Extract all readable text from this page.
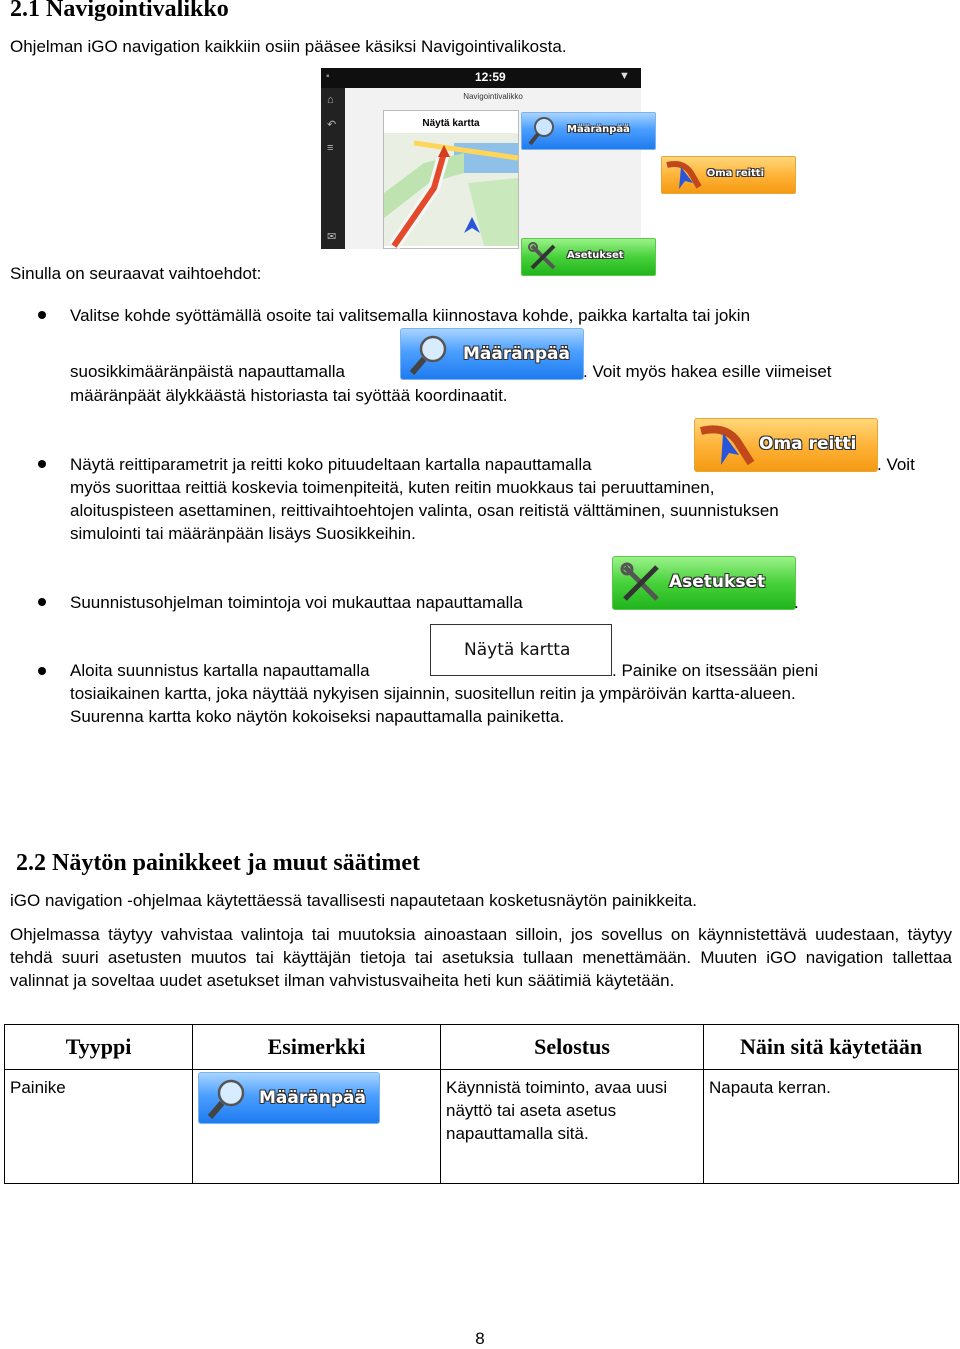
2.1 Navigointivalikko
Ohjelman iGO navigation kaikkiin osiin pääsee käsiksi Navigointivalikosta.
▪	12:59	▼
⌂
↶
≡
✉
Navigointivalikko
Näytä kartta
Määränpää

Oma reitti

Asetukset
Sinulla on seuraavat vaihtoehdot:
Valitse kohde syöttämällä osoite tai valitsemalla kiinnostava kohde, paikka kartalta tai jokin
suosikkimääränpäistä napauttamalla
Määränpää
. Voit myös hakea esille viimeiset
määränpäät älykkäästä historiasta tai syöttää koordinaatit.
Näytä reittiparametrit ja reitti koko pituudeltaan kartalla napauttamalla
Oma reitti
. Voit
myös suorittaa reittiä koskevia toimenpiteitä, kuten reitin muokkaus tai peruuttaminen,
aloituspisteen asettaminen, reittivaihtoehtojen valinta, osan reitistä välttäminen, suunnistuksen
simulointi tai määränpään lisäys Suosikkeihin.
Suunnistusohjelman toimintoja voi mukauttaa napauttamalla
Asetukset
.
Aloita suunnistus kartalla napauttamalla
Näytä kartta
. Painike on itsessään pieni
tosiaikainen kartta, joka näyttää nykyisen sijainnin, suositellun reitin ja ympäröivän kartta-alueen.
Suurenna kartta koko näytön kokoiseksi napauttamalla painiketta.
2.2 Näytön painikkeet ja muut säätimet
iGO navigation -ohjelmaa käytettäessä tavallisesti napautetaan kosketusnäytön painikkeita.
Ohjelmassa täytyy vahvistaa valintoja tai muutoksia ainoastaan silloin, jos sovellus on käynnistettävä uudestaan, täytyy tehdä suuri asetusten muutos tai käyttäjän tietoja tai asetuksia tullaan menettämään. Muuten iGO navigation tallettaa valinnat ja soveltaa uudet asetukset ilman vahvistusvaiheita heti kun säätimiä käytetään.
Tyyppi	Esimerkki	Selostus	Näin sitä käytetään
Painike	Määränpää	Käynnistä toiminto, avaa uusi näyttö tai aseta asetus napauttamalla sitä.	Napauta kerran.
8
